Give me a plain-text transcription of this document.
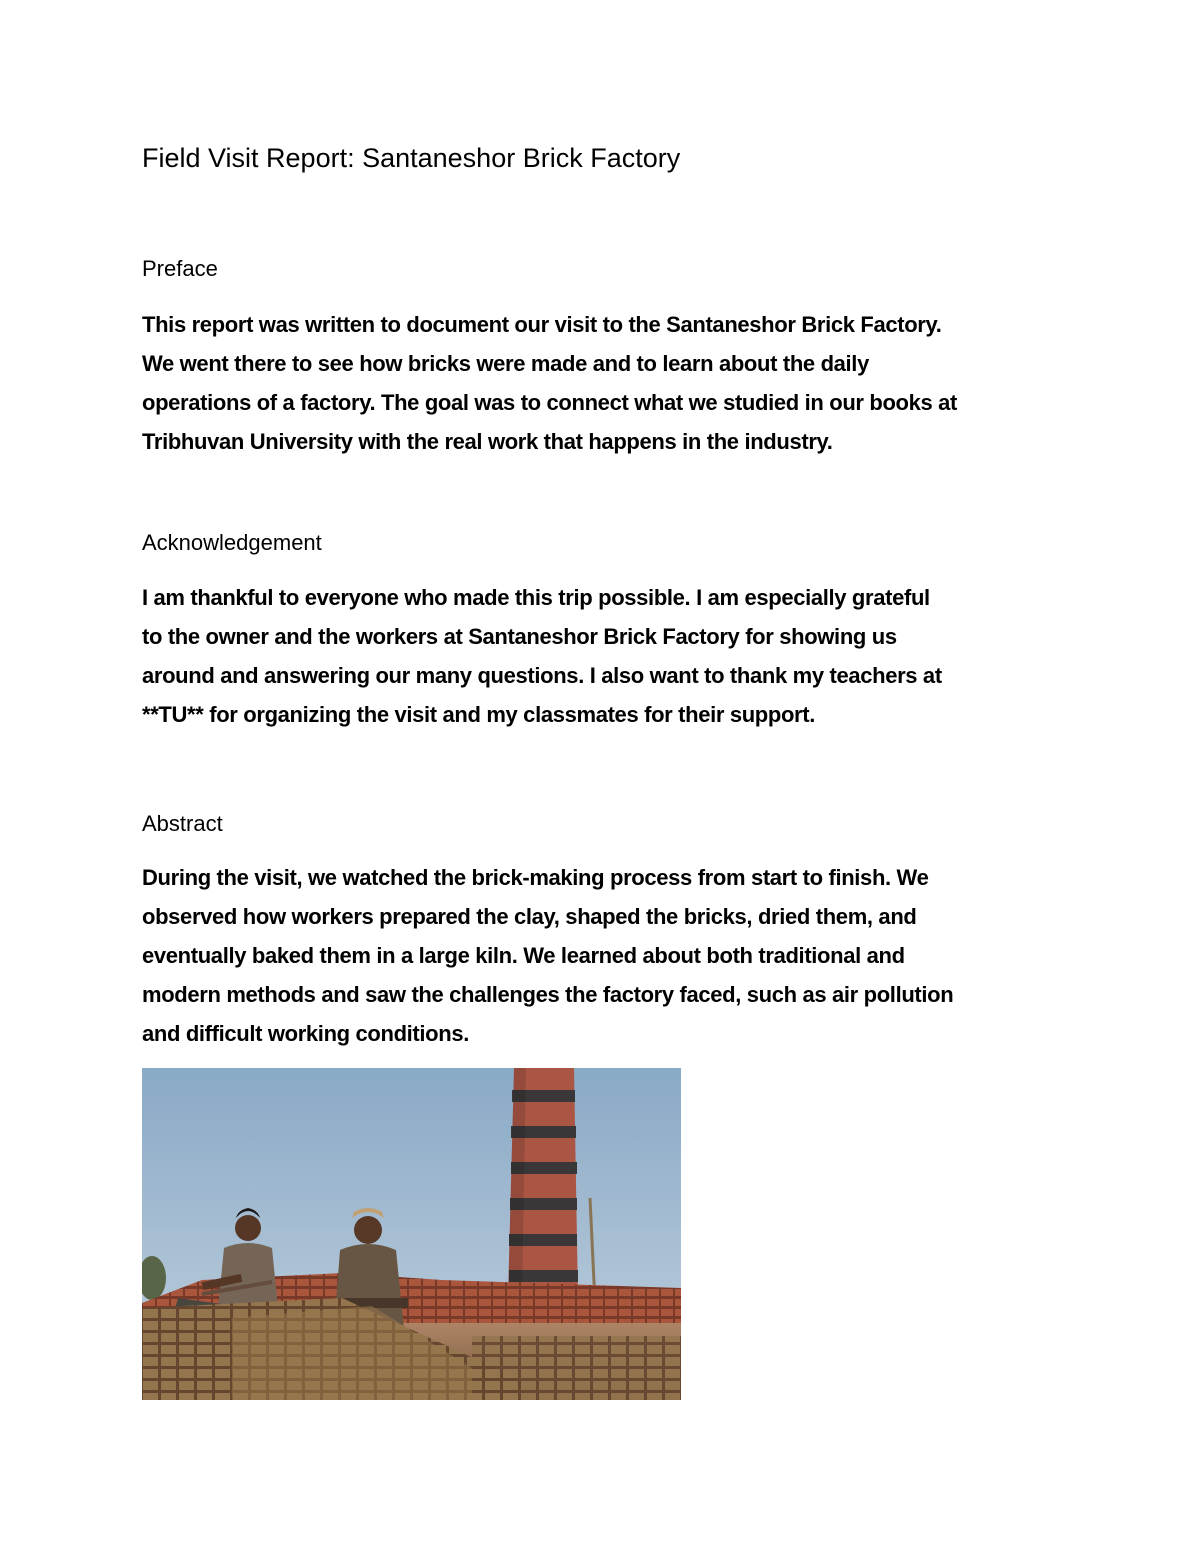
Field Visit Report: Santaneshor Brick Factory
Preface

This report was written to document our visit to the Santaneshor Brick Factory.
We went there to see how bricks were made and to learn about the daily
operations of a factory. The goal was to connect what we studied in our books at
Tribhuvan University with the real work that happens in the industry.

Acknowledgement

I am thankful to everyone who made this trip possible. I am especially grateful
to the owner and the workers at Santaneshor Brick Factory for showing us
around and answering our many questions. I also want to thank my teachers at
**TU** for organizing the visit and my classmates for their support.

Abstract

During the visit, we watched the brick-making process from start to finish. We
observed how workers prepared the clay, shaped the bricks, dried them, and
eventually baked them in a large kiln. We learned about both traditional and
modern methods and saw the challenges the factory faced, such as air pollution
and difficult working conditions.
